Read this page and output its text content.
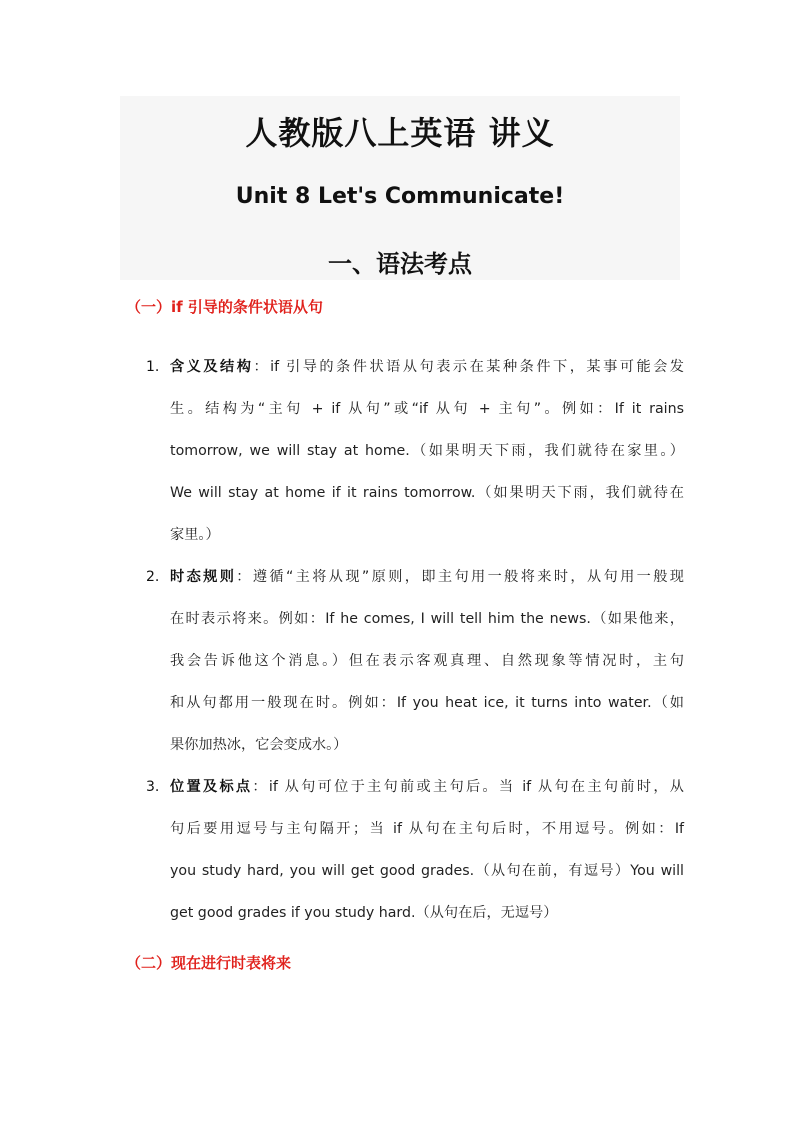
人教版八上英语 讲义
Unit 8 Let's Communicate!
一、语法考点
（一）if 引导的条件状语从句
1. 含义及结构：if 引导的条件状语从句表示在某种条件下，某事可能会发
生。结构为“主句 + if 从句”或“if 从句 + 主句”。例如：If it rains
tomorrow, we will stay at home.（如果明天下雨，我们就待在家里。）
We will stay at home if it rains tomorrow.（如果明天下雨，我们就待在
家里。）
2. 时态规则：遵循“主将从现”原则，即主句用一般将来时，从句用一般现
在时表示将来。例如：If he comes, I will tell him the news.（如果他来，
我会告诉他这个消息。）但在表示客观真理、自然现象等情况时，主句
和从句都用一般现在时。例如：If you heat ice, it turns into water.（如
果你加热冰，它会变成水。）
3. 位置及标点：if 从句可位于主句前或主句后。当 if 从句在主句前时，从
句后要用逗号与主句隔开；当 if 从句在主句后时，不用逗号。例如：If
you study hard, you will get good grades.（从句在前，有逗号）You will
get good grades if you study hard.（从句在后，无逗号）
（二）现在进行时表将来
